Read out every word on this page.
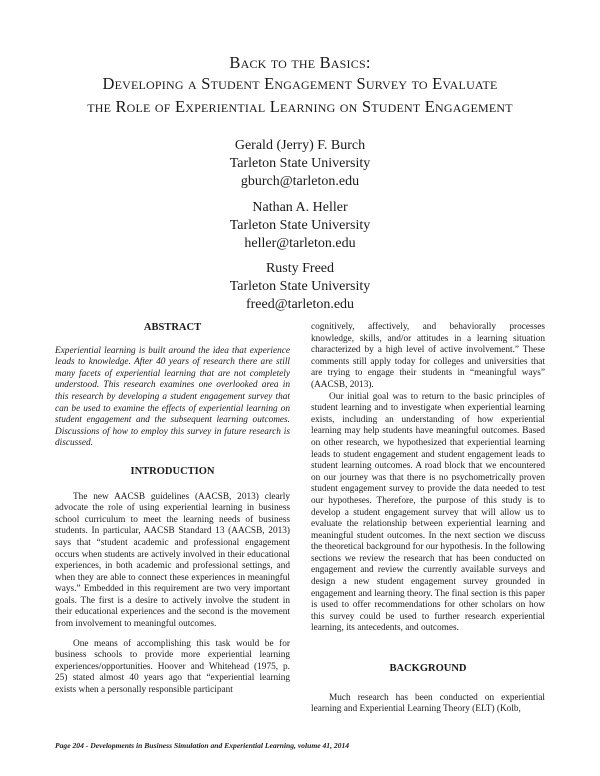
Back to the Basics:
Developing a Student Engagement Survey to Evaluate
the Role of Experiential Learning on Student Engagement
Gerald (Jerry) F. Burch
Tarleton State University
gburch@tarleton.edu
Nathan A. Heller
Tarleton State University
heller@tarleton.edu
Rusty Freed
Tarleton State University
freed@tarleton.edu

ABSTRACT

Experiential learning is built around the idea that experience leads to knowledge. After 40 years of research there are still many facets of experiential learning that are not completely understood. This research examines one overlooked area in this research by developing a student engagement survey that can be used to examine the effects of experiential learning on student engagement and the subsequent learning outcomes. Discussions of how to employ this survey in future research is discussed.

INTRODUCTION

The new AACSB guidelines (AACSB, 2013) clearly advocate the role of using experiential learning in business school curriculum to meet the learning needs of business students. In particular, AACSB Standard 13 (AACSB, 2013) says that “student academic and professional engagement occurs when students are actively involved in their educational experiences, in both academic and professional settings, and when they are able to connect these experiences in meaningful ways.” Embedded in this requirement are two very important goals. The first is a desire to actively involve the student in their educational experiences and the second is the movement from involvement to meaningful outcomes.

One means of accomplishing this task would be for business schools to provide more experiential learning experiences/opportunities. Hoover and Whitehead (1975, p. 25) stated almost 40 years ago that “experiential learning exists when a personally responsible participant

cognitively, affectively, and behaviorally processes knowledge, skills, and/or attitudes in a learning situation characterized by a high level of active involvement.” These comments still apply today for colleges and universities that are trying to engage their students in “meaningful ways” (AACSB, 2013).

Our initial goal was to return to the basic principles of student learning and to investigate when experiential learning exists, including an understanding of how experiential learning may help students have meaningful outcomes. Based on other research, we hypothesized that experiential learning leads to student engagement and student engagement leads to student learning outcomes. A road block that we encountered on our journey was that there is no psychometrically proven student engagement survey to provide the data needed to test our hypotheses. Therefore, the purpose of this study is to develop a student engagement survey that will allow us to evaluate the relationship between experiential learning and meaningful student outcomes. In the next section we discuss the theoretical background for our hypothesis. In the following sections we review the research that has been conducted on engagement and review the currently available surveys and design a new student engagement survey grounded in engagement and learning theory. The final section is this paper is used to offer recommendations for other scholars on how this survey could be used to further research experiential learning, its antecedents, and outcomes.

BACKGROUND

Much research has been conducted on experiential learning and Experiential Learning Theory (ELT) (Kolb,

Page 204 - Developments in Business Simulation and Experiential Learning, volume 41, 2014
